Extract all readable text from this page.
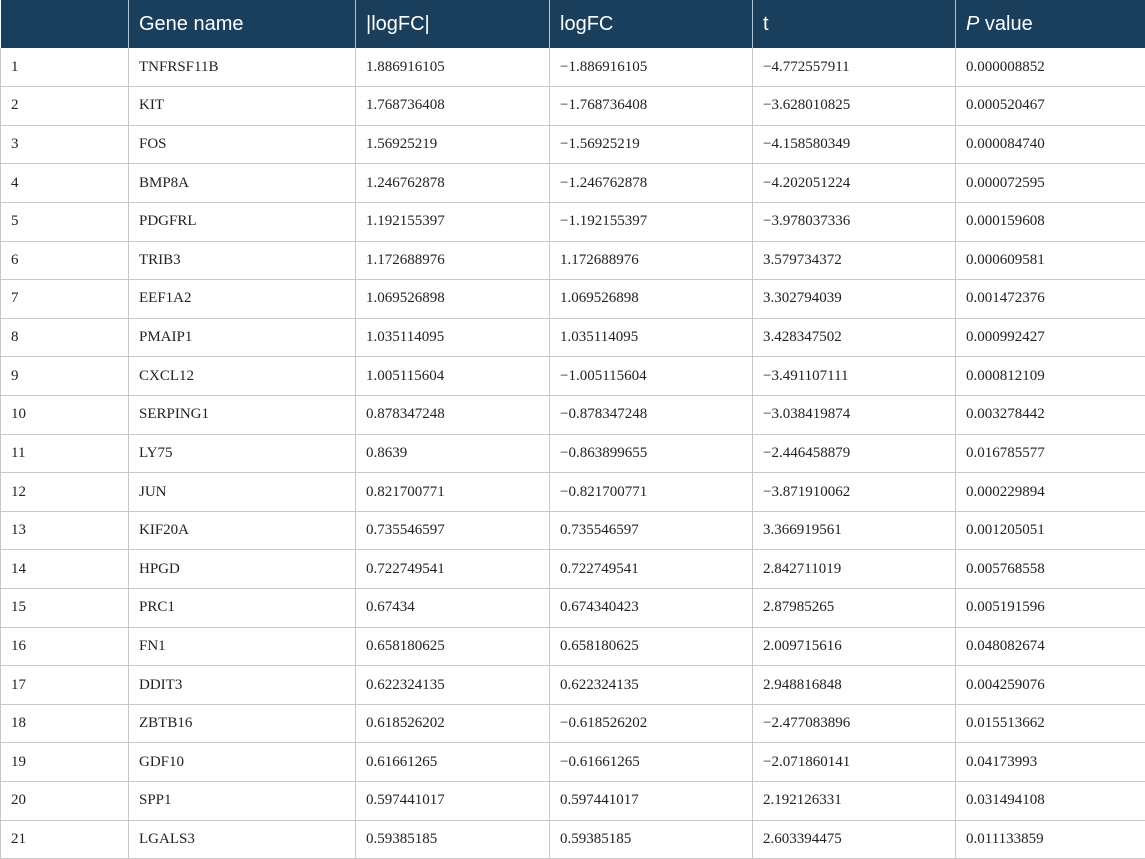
	Gene name	|logFC|	logFC	t	P value
1	TNFRSF11B	1.886916105	−1.886916105	−4.772557911	0.000008852
2	KIT	1.768736408	−1.768736408	−3.628010825	0.000520467
3	FOS	1.56925219	−1.56925219	−4.158580349	0.000084740
4	BMP8A	1.246762878	−1.246762878	−4.202051224	0.000072595
5	PDGFRL	1.192155397	−1.192155397	−3.978037336	0.000159608
6	TRIB3	1.172688976	1.172688976	3.579734372	0.000609581
7	EEF1A2	1.069526898	1.069526898	3.302794039	0.001472376
8	PMAIP1	1.035114095	1.035114095	3.428347502	0.000992427
9	CXCL12	1.005115604	−1.005115604	−3.491107111	0.000812109
10	SERPING1	0.878347248	−0.878347248	−3.038419874	0.003278442
11	LY75	0.8639	−0.863899655	−2.446458879	0.016785577
12	JUN	0.821700771	−0.821700771	−3.871910062	0.000229894
13	KIF20A	0.735546597	0.735546597	3.366919561	0.001205051
14	HPGD	0.722749541	0.722749541	2.842711019	0.005768558
15	PRC1	0.67434	0.674340423	2.87985265	0.005191596
16	FN1	0.658180625	0.658180625	2.009715616	0.048082674
17	DDIT3	0.622324135	0.622324135	2.948816848	0.004259076
18	ZBTB16	0.618526202	−0.618526202	−2.477083896	0.015513662
19	GDF10	0.61661265	−0.61661265	−2.071860141	0.04173993
20	SPP1	0.597441017	0.597441017	2.192126331	0.031494108
21	LGALS3	0.59385185	0.59385185	2.603394475	0.011133859
